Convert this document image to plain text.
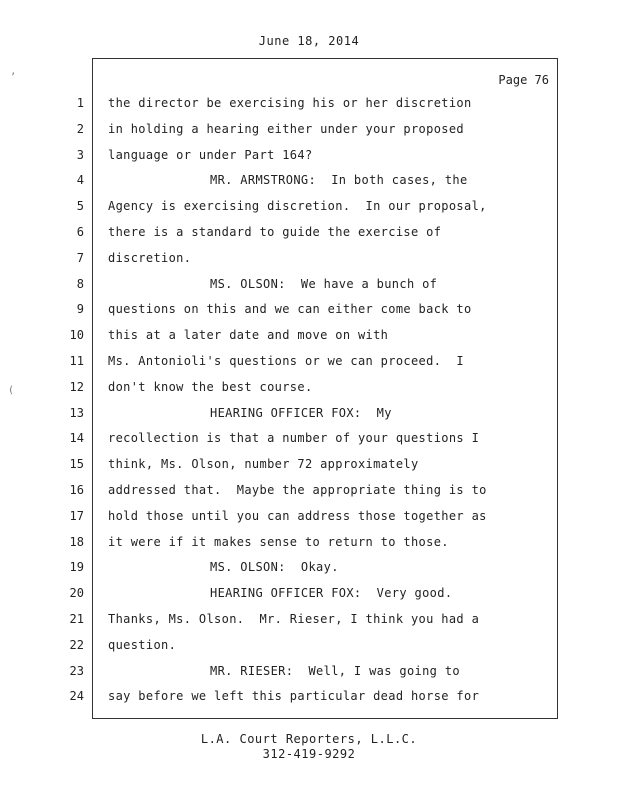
June 18, 2014
Page 76
1 the director be exercising his or her discretion
2 in holding a hearing either under your proposed
3 language or under Part 164?
4	MR. ARMSTRONG:  In both cases, the
5 Agency is exercising discretion.  In our proposal,
6 there is a standard to guide the exercise of
7 discretion.
8	MS. OLSON:  We have a bunch of
9 questions on this and we can either come back to
10 this at a later date and move on with
11 Ms. Antonioli's questions or we can proceed.  I
12 don't know the best course.
13	HEARING OFFICER FOX:  My
14 recollection is that a number of your questions I
15 think, Ms. Olson, number 72 approximately
16 addressed that.  Maybe the appropriate thing is to
17 hold those until you can address those together as
18 it were if it makes sense to return to those.
19	MS. OLSON:  Okay.
20	HEARING OFFICER FOX:  Very good.
21 Thanks, Ms. Olson.  Mr. Rieser, I think you had a
22 question.
23	MR. RIESER:  Well, I was going to
24 say before we left this particular dead horse for
L.A. Court Reporters, L.L.C.
312-419-9292
’
(
